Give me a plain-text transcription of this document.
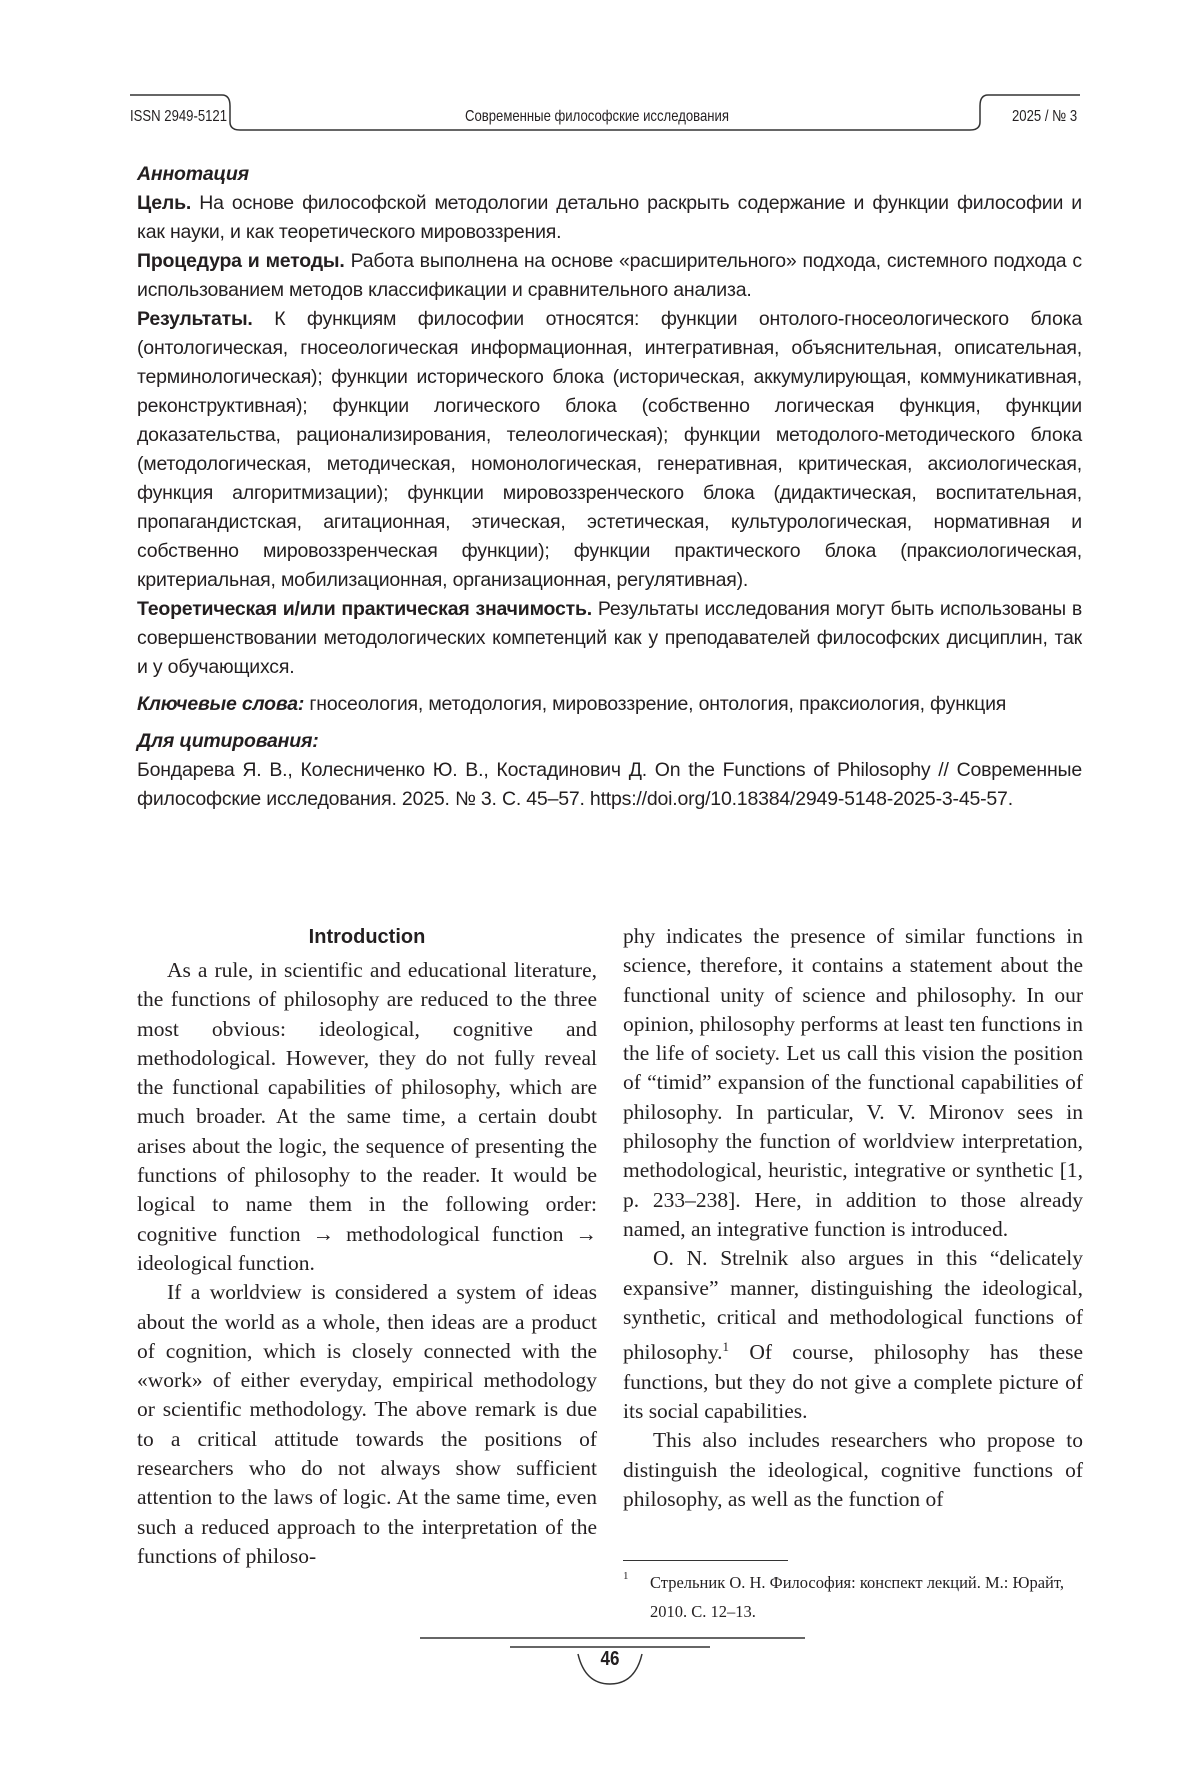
ISSN 2949-5121	Современные философские исследования	2025 / № 3

Аннотация

Цель. На основе философской методологии детально раскрыть содержание и функции философии и как науки, и как теоретического мировоззрения.

Процедура и методы. Работа выполнена на основе «расширительного» подхода, системного подхода с использованием методов классификации и сравнительного анализа.

Результаты. К функциям философии относятся: функции онтолого-гносеологического блока (онтологическая, гносеологическая информационная, интегративная, объяснительная, описательная, терминологическая); функции исторического блока (историческая, аккумулирующая, коммуникативная, реконструктивная); функции логического блока (собственно логическая функция, функции доказательства, рационализирования, телеологическая); функции методолого-методического блока (методологическая, методическая, номонологическая, генеративная, критическая, аксиологическая, функция алгоритмизации); функции мировоззренческого блока (дидактическая, воспитательная, пропагандистская, агитационная, этическая, эстетическая, культурологическая, нормативная и собственно мировоззренческая функции); функции практического блока (праксиологическая, критериальная, мобилизационная, организационная, регулятивная).

Теоретическая и/или практическая значимость. Результаты исследования могут быть использованы в совершенствовании методологических компетенций как у преподавателей философских дисциплин, так и у обучающихся.

Ключевые слова: гносеология, методология, мировоззрение, онтология, праксиология, функция

Для цитирования:

Бондарева Я. В., Колесниченко Ю. В., Костадинович Д. On the Functions of Philosophy // Современные философские исследования. 2025. № 3. С. 45–57. https://doi.org/10.18384/2949-5148-2025-3-45-57.

Introduction

As a rule, in scientific and educational literature, the functions of philosophy are reduced to the three most obvious: ideological, cognitive and methodological. However, they do not fully reveal the functional capabilities of philosophy, which are much broader. At the same time, a certain doubt arises about the logic, the sequence of presenting the functions of philosophy to the reader. It would be logical to name them in the following order: cognitive function → methodological function → ideological function.

If a worldview is considered a system of ideas about the world as a whole, then ideas are a product of cognition, which is closely connected with the «work» of either everyday, empirical methodology or scientific methodology. The above remark is due to a critical attitude towards the positions of researchers who do not always show sufficient attention to the laws of logic. At the same time, even such a reduced approach to the interpretation of the functions of philoso-

phy indicates the presence of similar functions in science, therefore, it contains a statement about the functional unity of science and philosophy. In our opinion, philosophy performs at least ten functions in the life of society. Let us call this vision the position of “timid” expansion of the functional capabilities of philosophy. In particular, V. V. Mironov sees in philosophy the function of worldview interpretation, methodological, heuristic, integrative or synthetic [1, p. 233–238]. Here, in addition to those already named, an integrative function is introduced.

O. N. Strelnik also argues in this “delicately expansive” manner, distinguishing the ideological, synthetic, critical and methodological functions of philosophy.1 Of course, philosophy has these functions, but they do not give a complete picture of its social capabilities.

This also includes researchers who propose to distinguish the ideological, cognitive functions of philosophy, as well as the function of

1	Стрельник О. Н. Философия: конспект лекций. М.: Юрайт, 2010. С. 12–13.
46
